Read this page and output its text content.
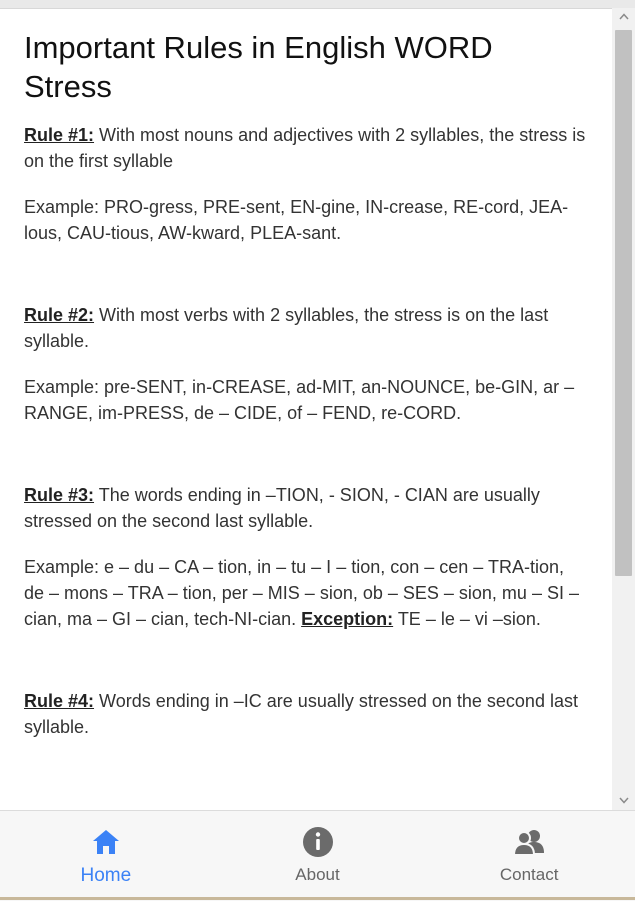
Important Rules in English WORD Stress

Rule #1: With most nouns and adjectives with 2 syllables, the stress is on the first syllable

Example: PRO-gress, PRE-sent, EN-gine, IN-crease, RE-cord, JEA-lous, CAU-tious, AW-kward, PLEA-sant.

Rule #2: With most verbs with 2 syllables, the stress is on the last syllable.

Example: pre-SENT, in-CREASE, ad-MIT, an-NOUNCE, be-GIN, ar – RANGE, im-PRESS, de – CIDE, of – FEND, re-CORD.

Rule #3: The words ending in –TION, - SION, - CIAN are usually stressed on the second last syllable.

Example: e – du – CA – tion, in – tu – I – tion, con – cen – TRA-tion, de – mons – TRA – tion, per – MIS – sion, ob – SES – sion, mu – SI – cian, ma – GI – cian, tech-NI-cian. Exception: TE – le – vi –sion.

Rule #4: Words ending in –IC are usually stressed on the second last syllable.

Home	About	Contact
